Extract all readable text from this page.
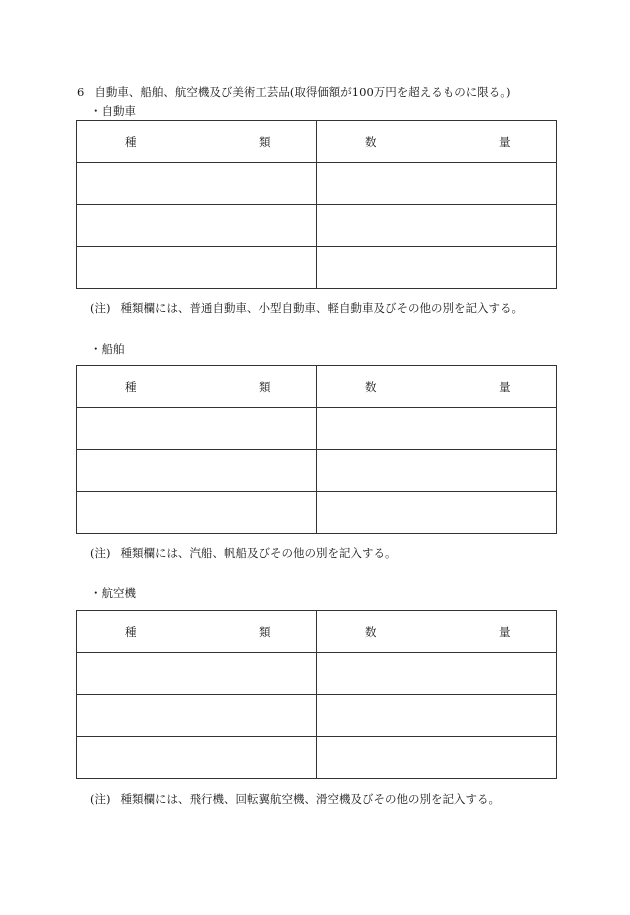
6 自動車、船舶、航空機及び美術工芸品(取得価額が100万円を超えるものに限る。)
・自動車
種 類	数 量

(注) 種類欄には、普通自動車、小型自動車、軽自動車及びその他の別を記入する。
・船舶
種 類	数 量

(注) 種類欄には、汽船、帆船及びその他の別を記入する。
・航空機
種 類	数 量

(注) 種類欄には、飛行機、回転翼航空機、滑空機及びその他の別を記入する。
